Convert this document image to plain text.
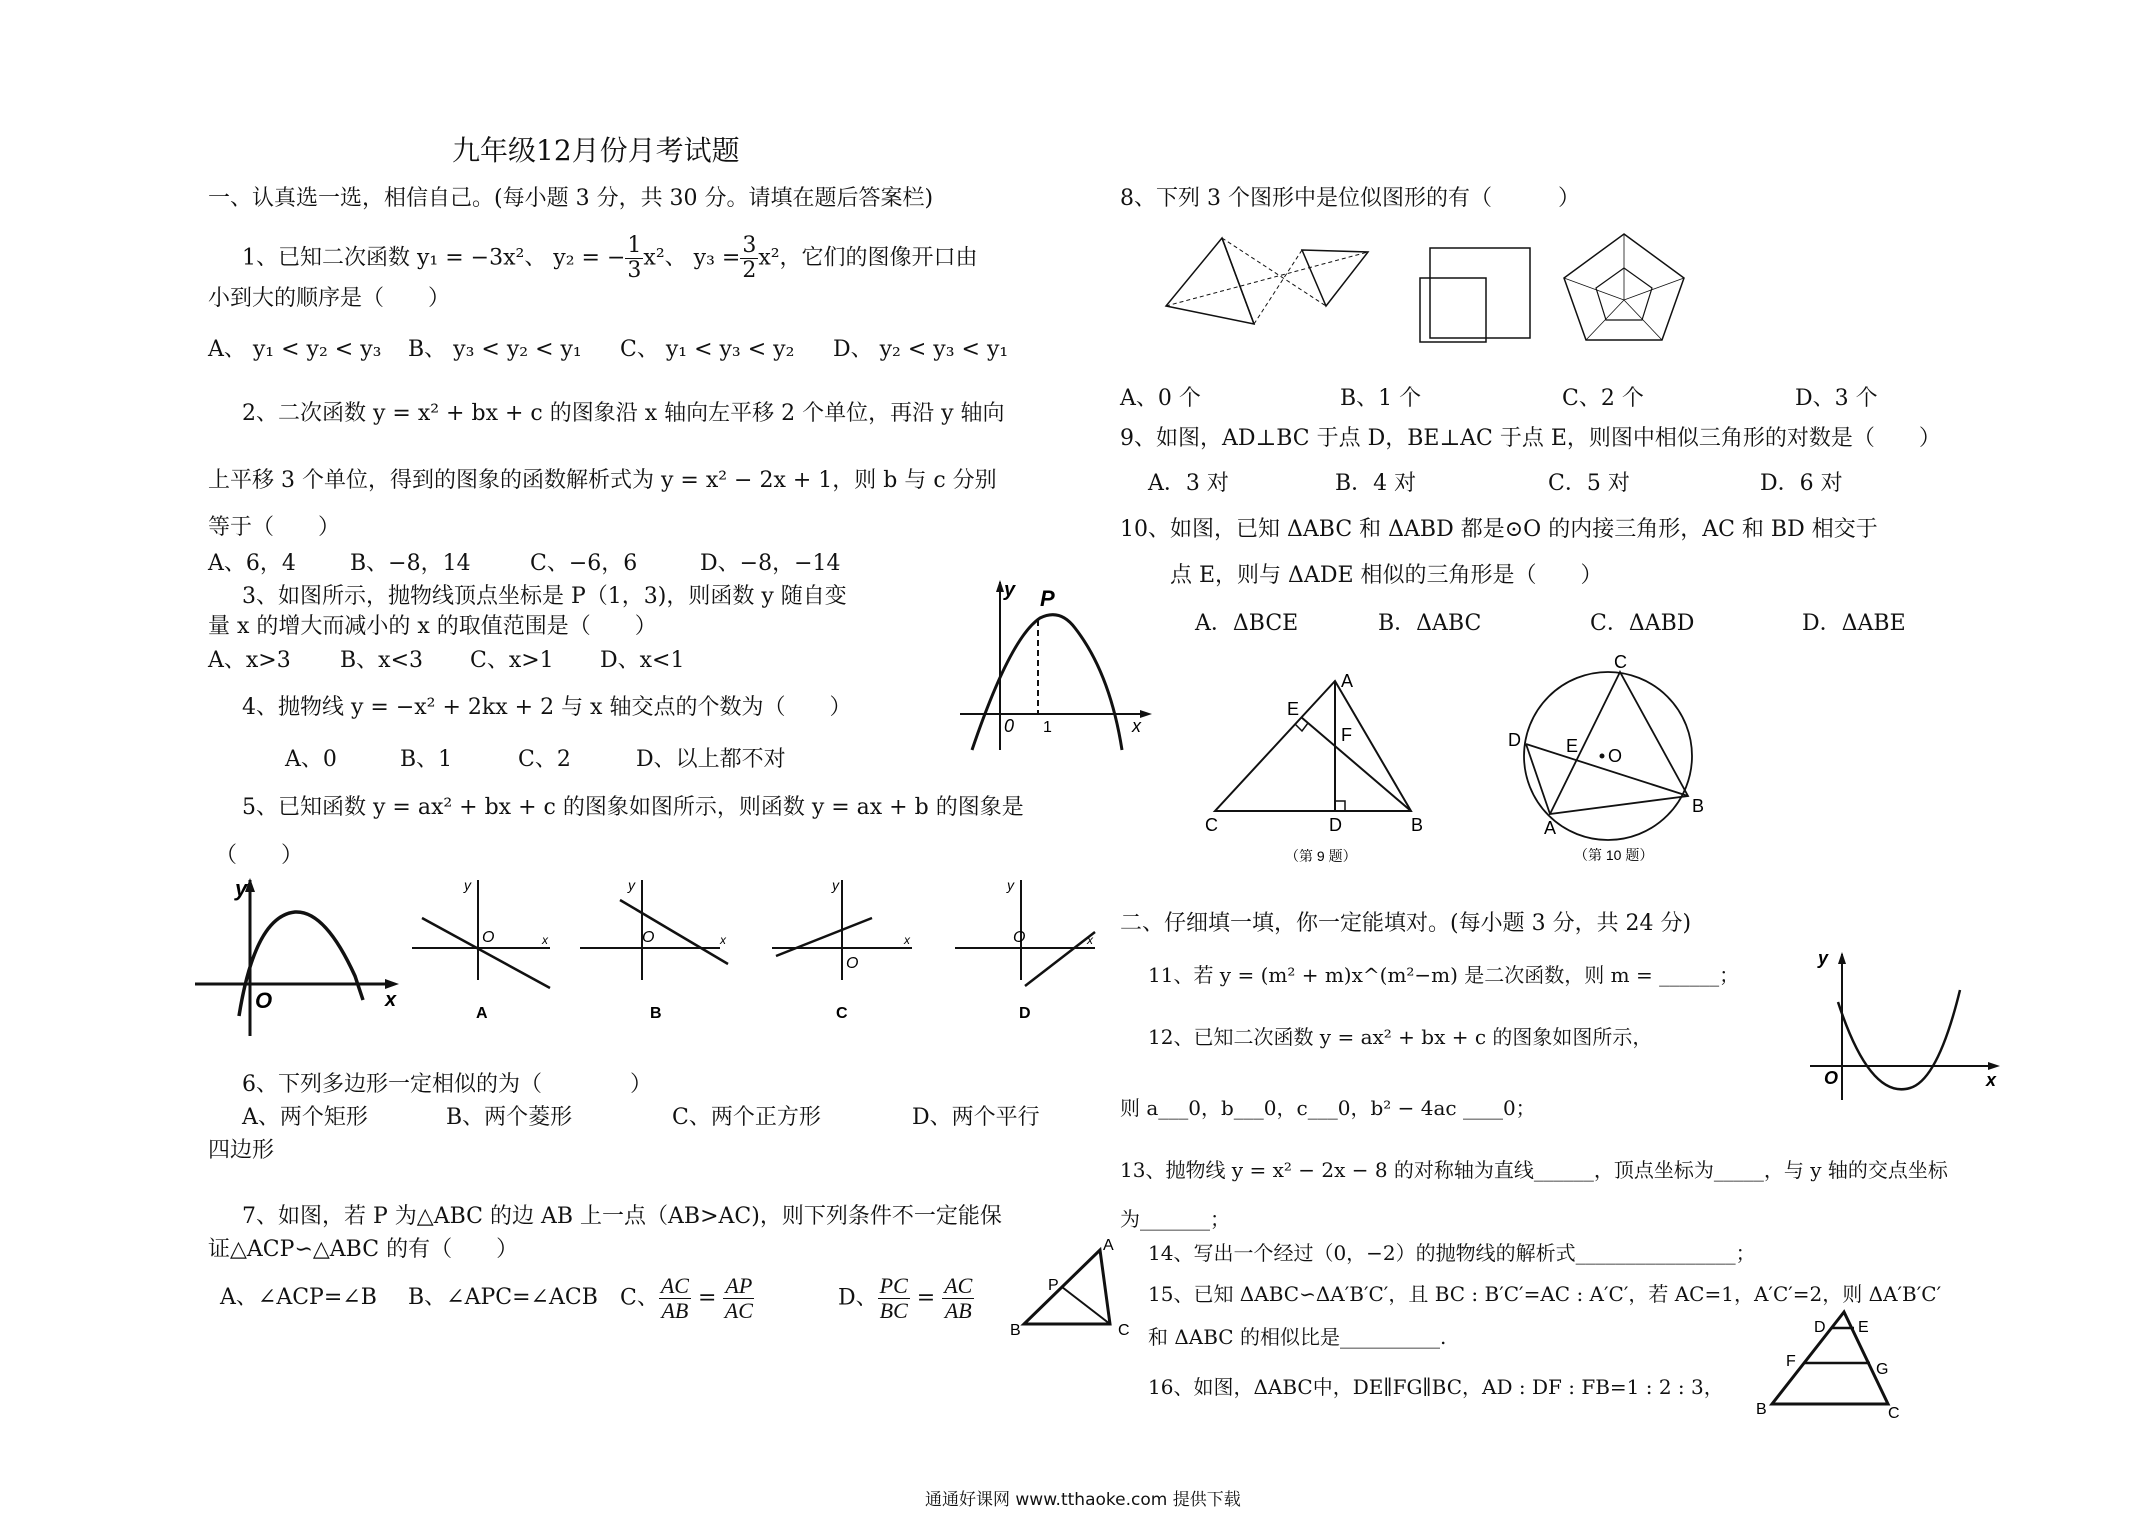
九年级12月份月考试题
一、认真选一选，相信自己。(每小题 3 分，共 30 分。请填在题后答案栏)
1、已知二次函数 y₁ = −3x²、 y₂ = − $\frac{1}{3} x^2$、 $y_3 = \frac{3}{2} x^2$，它们的图像开口由
小到大的顺序是（　　）
A、 y₁ < y₂ < y₃ B、 y₃ < y₂ < y₁ C、 y₁ < y₃ < y₂ D、 y₂ < y₃ < y₁
2、二次函数 y = x² + bx + c 的图象沿 x 轴向左平移 2 个单位，再沿 y 轴向
上平移 3 个单位，得到的图象的函数解析式为 y = x² − 2x + 1，则 b 与 c 分别
等于（　　）
A、6，4 B、−8，14	C、−6，6	D、−8，−14
3、如图所示，抛物线顶点坐标是 P（1，3)，则函数 y 随自变
量 x 的增大而减小的 x 的取值范围是（　　）
A、x>3 B、x<3 C、x>1 D、x<1
y P
0 1	x
4、抛物线 y = −x² + 2kx + 2 与 x 轴交点的个数为（　　）
A、0	B、1	C、2	D、以上都不对
5、已知函数 y = ax² + bx + c 的图象如图所示，则函数 y = ax + b 的图象是
（　　）
y
O	x
y
O	x
A
y
O	x
B
y
O
x
C
y
O	x
D
6、下列多边形一定相似的为（　　　　）
A、两个矩形	B、两个菱形	C、两个正方形	D、两个平行
四边形
7、如图，若 P 为△ABC 的边 AB 上一点（AB>AC)，则下列条件不一定能保
证△ACP∽△ABC 的有（　　）
A、∠ACP=∠B B、∠APC=∠ACB C、 $\frac{AC}{AB} = \frac{AP}{AC}$	D、 $\frac{PC}{BC} = \frac{AC}{AB}$
A
P
B	C
8、下列 3 个图形中是位似图形的有（　　　）
A、0 个	B、1 个	C、2 个	D、3 个
9、如图，AD⊥BC 于点 D，BE⊥AC 于点 E，则图中相似三角形的对数是（　　）
A．3 对	B．4 对	C．5 对	D．6 对
10、如图，已知 ΔABC 和 ΔABD 都是⊙O 的内接三角形，AC 和 BD 相交于
点 E，则与 ΔADE 相似的三角形是（　　）
A．ΔBCE	B．ΔABC	C．ΔABD	D．ΔABE
A
E
F
C	D	B
（第 9 题）
C
D	E O
A
B
（第 10 题）
二、仔细填一填，你一定能填对。(每小题 3 分，共 24 分)
11、若 y = (m² + m)x^(m²−m) 是二次函数，则 m = ______；
12、已知二次函数 y = ax² + bx + c 的图象如图所示，
则 a___0，b___0，c___0，b² − 4ac ____0；
y
O	x
13、抛物线 y = x² − 2x − 8 的对称轴为直线______，顶点坐标为_____，与 y 轴的交点坐标
为_______；
14、写出一个经过（0，−2）的抛物线的解析式________________；
15、已知 ΔABC∽ΔA′B′C′，且 BC : B′C′=AC : A′C′，若 AC=1，A′C′=2，则 ΔA′B′C′
和 ΔABC 的相似比是__________.
16、如图，ΔABC中，DE∥FG∥BC，AD : DF : FB=1 : 2 : 3，
D E
F	G
B	C
通通好课网 www.tthaoke.com 提供下载
